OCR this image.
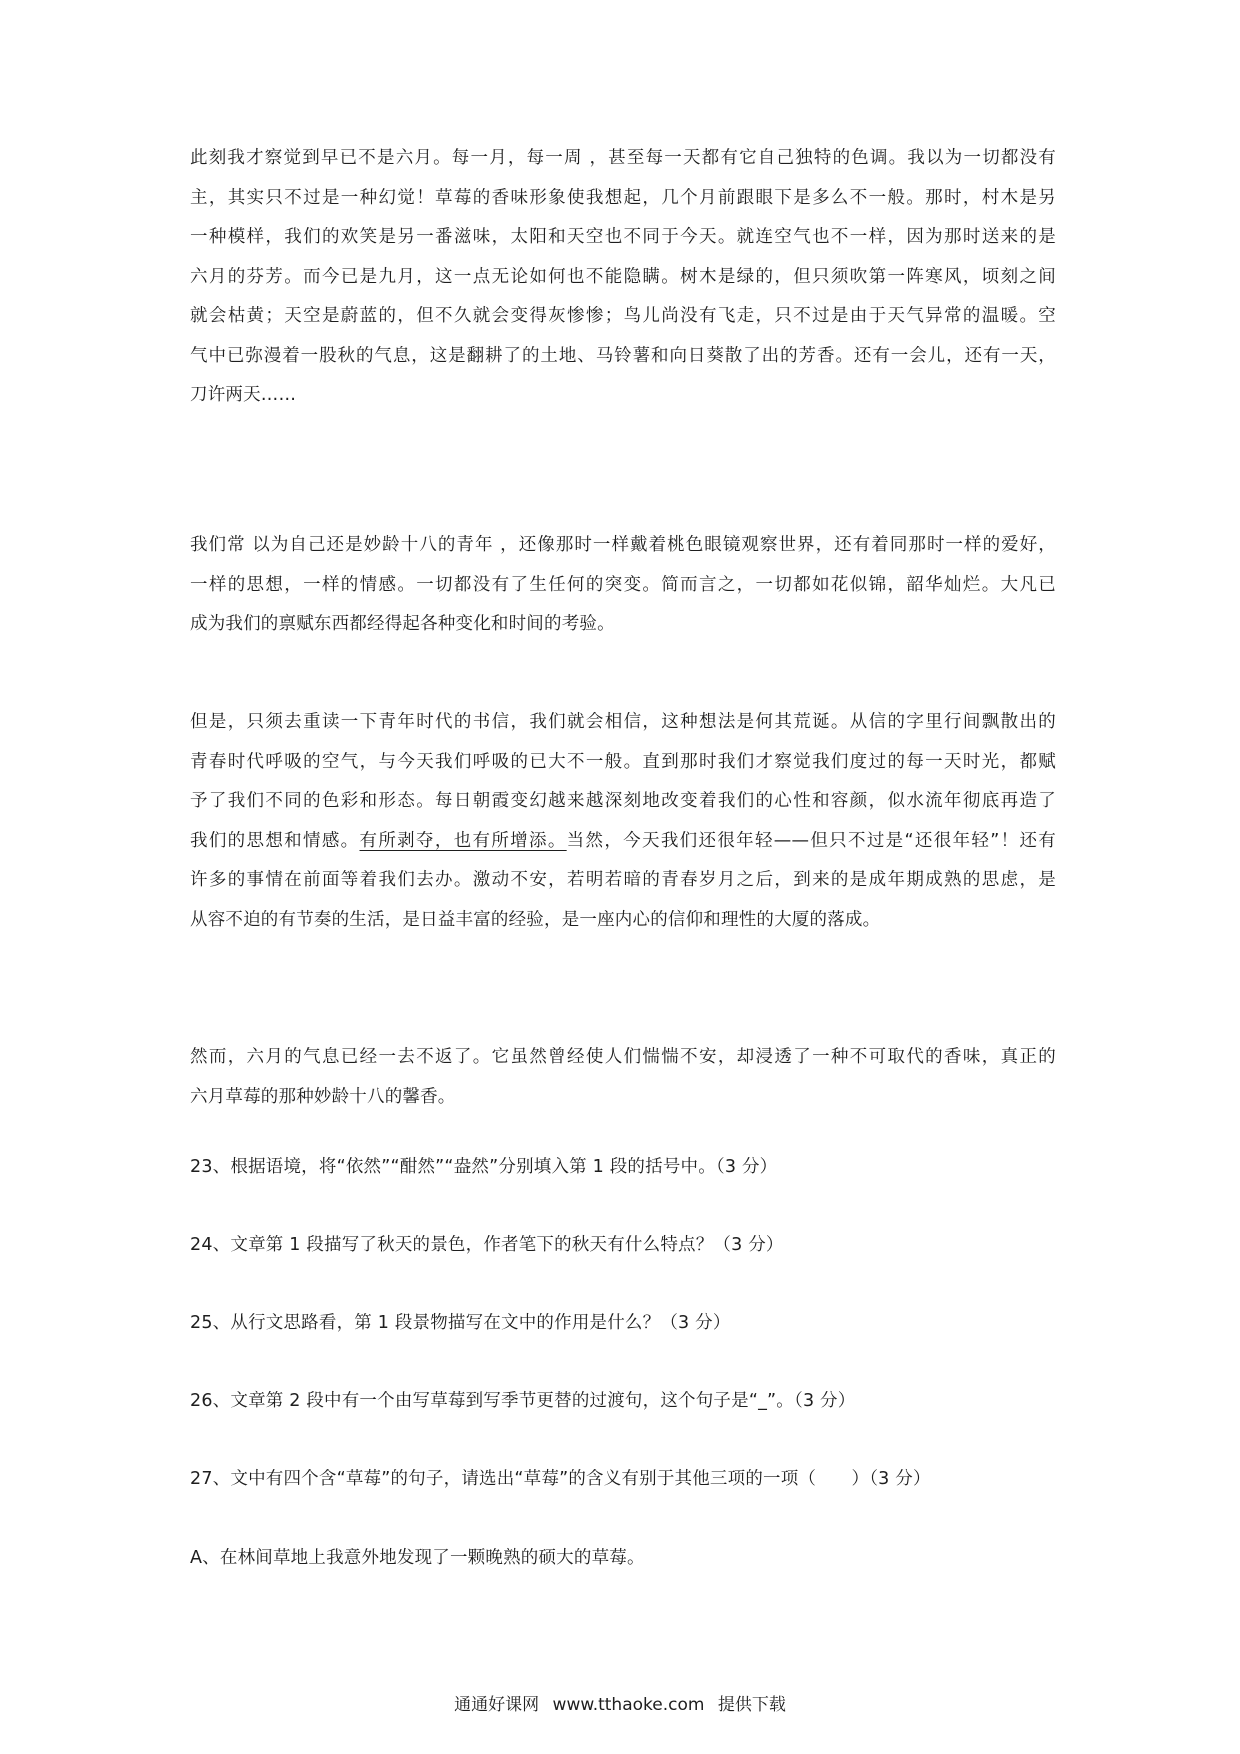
此刻我才察觉到早已不是六月。每一月，每一周 ，甚至每一天都有它自己独特的色调。我以为一切都没有
主，其实只不过是一种幻觉！草莓的香味形象使我想起，几个月前跟眼下是多么不一般。那时，村木是另
一种模样，我们的欢笑是另一番滋味，太阳和天空也不同于今天。就连空气也不一样，因为那时送来的是
六月的芬芳。而今已是九月，这一点无论如何也不能隐瞒。树木是绿的，但只须吹第一阵寒风，顷刻之间
就会枯黄；天空是蔚蓝的，但不久就会变得灰惨惨；鸟儿尚没有飞走，只不过是由于天气异常的温暖。空
气中已弥漫着一股秋的气息，这是翻耕了的土地、马铃薯和向日葵散了出的芳香。还有一会儿，还有一天，
刀许两天……
我们常 以为自己还是妙龄十八的青年 ，还像那时一样戴着桃色眼镜观察世界，还有着同那时一样的爱好，
一样的思想，一样的情感。一切都没有了生任何的突变。简而言之，一切都如花似锦，韶华灿烂。大凡已
成为我们的禀赋东西都经得起各种变化和时间的考验。
但是，只须去重读一下青年时代的书信，我们就会相信，这种想法是何其荒诞。从信的字里行间飘散出的
青春时代呼吸的空气，与今天我们呼吸的已大不一般。直到那时我们才察觉我们度过的每一天时光，都赋
予了我们不同的色彩和形态。每日朝霞变幻越来越深刻地改变着我们的心性和容颜，似水流年彻底再造了
我们的思想和情感。有所剥夺，也有所增添。当然，今天我们还很年轻——但只不过是“还很年轻”！还有
许多的事情在前面等着我们去办。激动不安，若明若暗的青春岁月之后，到来的是成年期成熟的思虑，是
从容不迫的有节奏的生活，是日益丰富的经验，是一座内心的信仰和理性的大厦的落成。
然而，六月的气息已经一去不返了。它虽然曾经使人们惴惴不安，却浸透了一种不可取代的香味，真正的
六月草莓的那种妙龄十八的馨香。
23、根据语境，将“依然”“酣然”“盎然”分别填入第 1 段的括号中。（3 分）
24、文章第 1 段描写了秋天的景色，作者笔下的秋天有什么特点？（3 分）
25、从行文思路看，第 1 段景物描写在文中的作用是什么？（3 分）
26、文章第 2 段中有一个由写草莓到写季节更替的过渡句，这个句子是“_”。（3 分）
27、文中有四个含“草莓”的句子，请选出“草莓”的含义有别于其他三项的一项（　　）（3 分）
A、在林间草地上我意外地发现了一颗晚熟的硕大的草莓。
通通好课网 www.tthaoke.com 提供下载
